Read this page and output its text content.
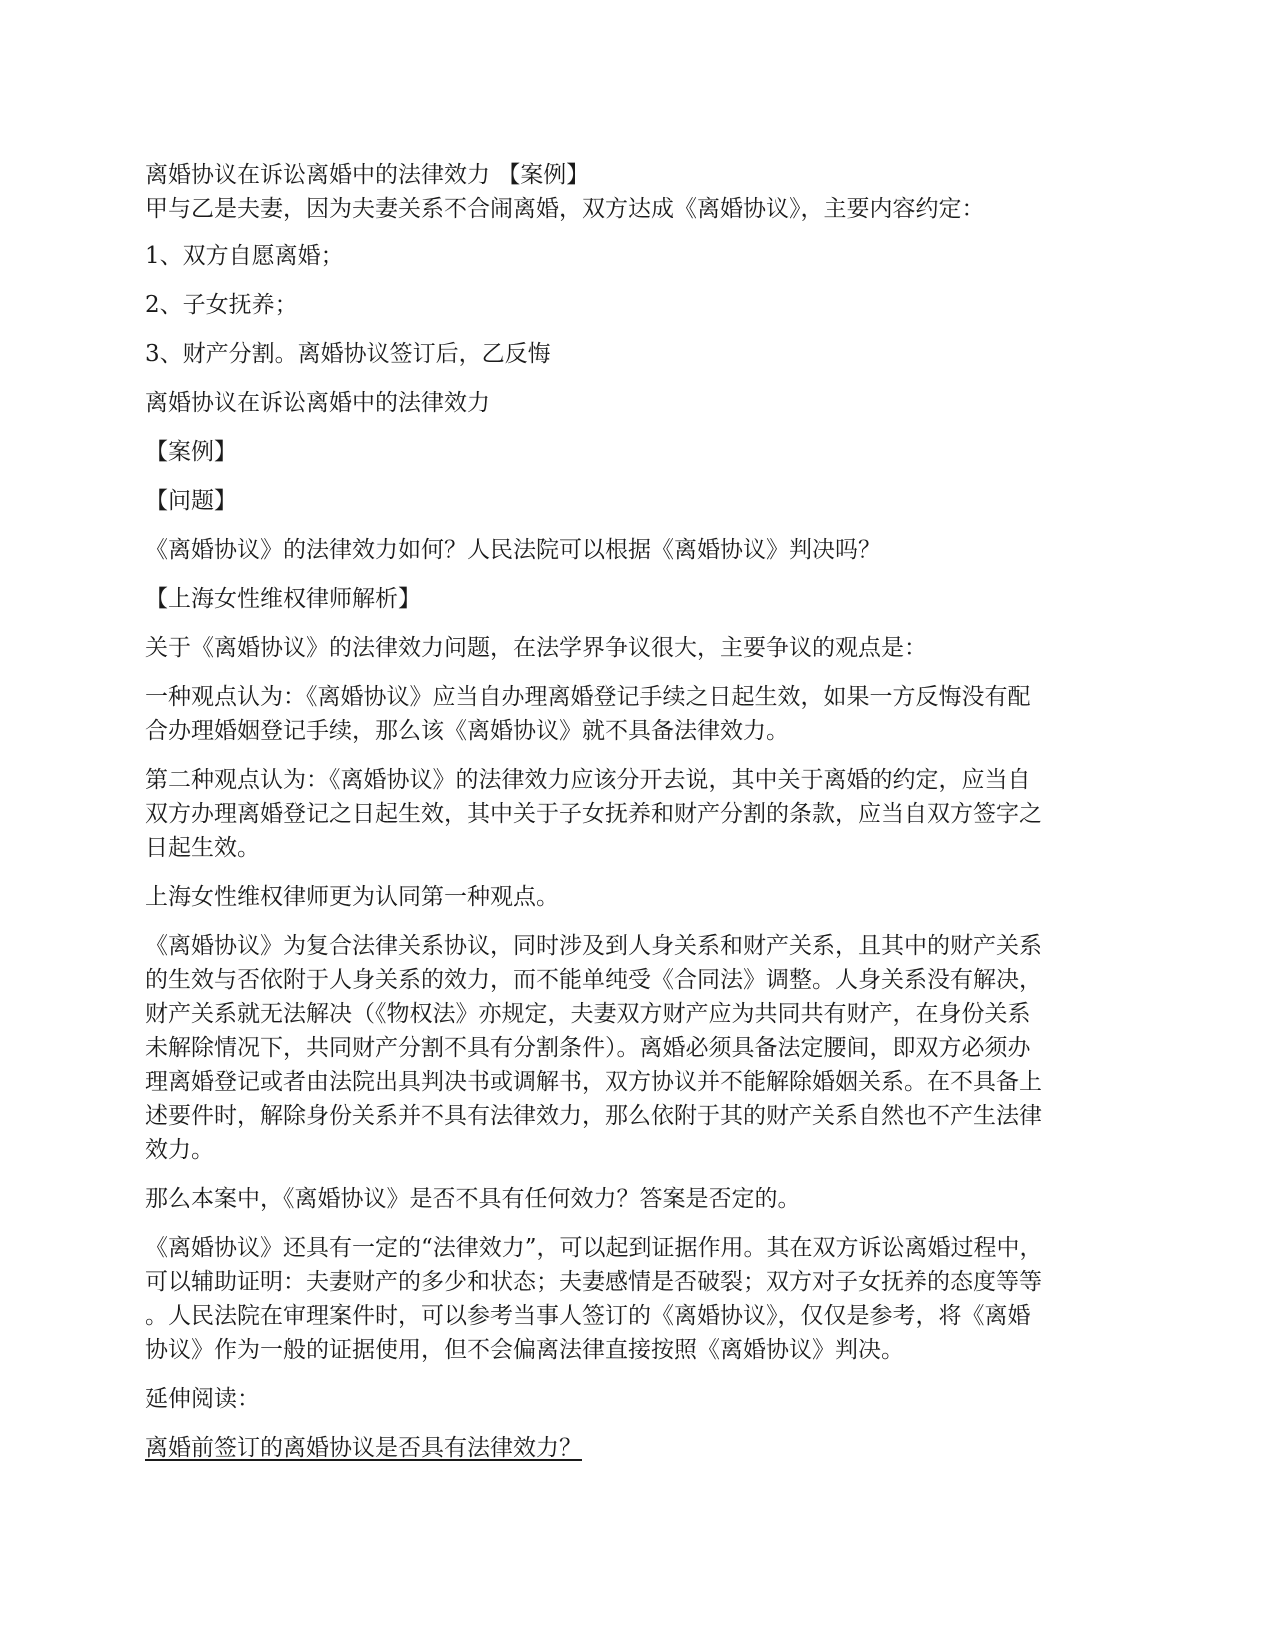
离婚协议在诉讼离婚中的法律效力 【案例】

甲与乙是夫妻，因为夫妻关系不合闹离婚，双方达成《离婚协议》，主要内容约定：

1、双方自愿离婚；

2、子女抚养；

3、财产分割。离婚协议签订后，乙反悔

离婚协议在诉讼离婚中的法律效力

【案例】

【问题】

《离婚协议》的法律效力如何？人民法院可以根据《离婚协议》判决吗？

【上海女性维权律师解析】

关于《离婚协议》的法律效力问题，在法学界争议很大，主要争议的观点是：

一种观点认为：《离婚协议》应当自办理离婚登记手续之日起生效，如果一方反悔没有配
合办理婚姻登记手续，那么该《离婚协议》就不具备法律效力。
第二种观点认为：《离婚协议》的法律效力应该分开去说，其中关于离婚的约定，应当自
双方办理离婚登记之日起生效，其中关于子女抚养和财产分割的条款，应当自双方签字之
日起生效。

上海女性维权律师更为认同第一种观点。

《离婚协议》为复合法律关系协议，同时涉及到人身关系和财产关系，且其中的财产关系
的生效与否依附于人身关系的效力，而不能单纯受《合同法》调整。人身关系没有解决，
财产关系就无法解决（《物权法》亦规定，夫妻双方财产应为共同共有财产，在身份关系
未解除情况下，共同财产分割不具有分割条件）。离婚必须具备法定腰间，即双方必须办
理离婚登记或者由法院出具判决书或调解书，双方协议并不能解除婚姻关系。在不具备上
述要件时，解除身份关系并不具有法律效力，那么依附于其的财产关系自然也不产生法律
效力。

那么本案中，《离婚协议》是否不具有任何效力？答案是否定的。

《离婚协议》还具有一定的“法律效力”，可以起到证据作用。其在双方诉讼离婚过程中，
可以辅助证明：夫妻财产的多少和状态；夫妻感情是否破裂；双方对子女抚养的态度等等
。人民法院在审理案件时，可以参考当事人签订的《离婚协议》，仅仅是参考，将《离婚
协议》作为一般的证据使用，但不会偏离法律直接按照《离婚协议》判决。

延伸阅读：

离婚前签订的离婚协议是否具有法律效力？
